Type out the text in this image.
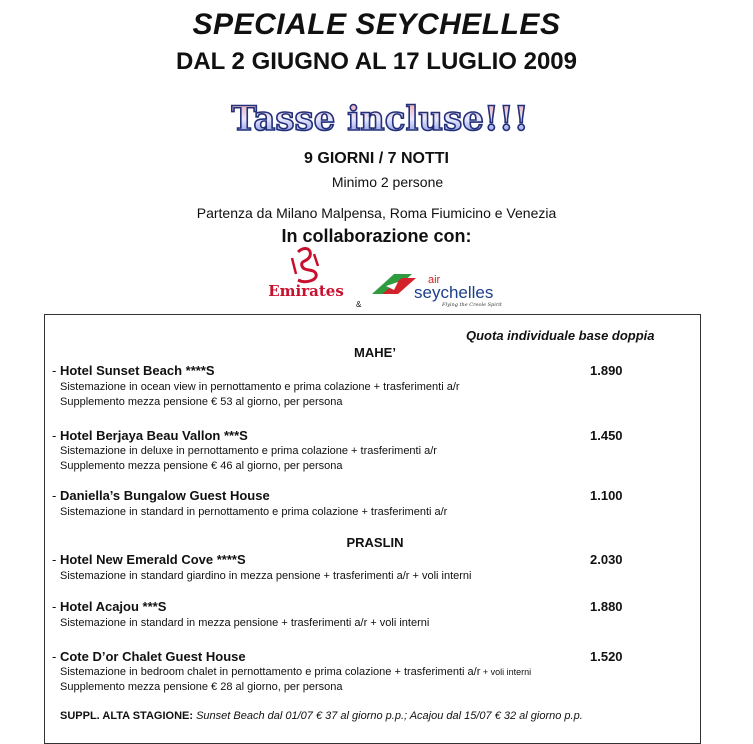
SPECIALE SEYCHELLES
DAL 2 GIUGNO AL 17 LUGLIO 2009
Tasse incluse!!!
9 GIORNI / 7 NOTTI
Minimo 2 persone
Partenza da Milano Malpensa, Roma Fiumicino e Venezia
In collaborazione con:
Emirates
air
seychelles
Flying the Creole Spirit
&
Quota individuale base doppia
MAHE’
- Hotel Sunset Beach ****S	1.890
Sistemazione in ocean view in pernottamento e prima colazione + trasferimenti a/r
Supplemento mezza pensione € 53 al giorno, per persona
- Hotel Berjaya Beau Vallon ***S	1.450
Sistemazione in deluxe in pernottamento e prima colazione + trasferimenti a/r
Supplemento mezza pensione € 46 al giorno, per persona
- Daniella’s Bungalow Guest House	1.100
Sistemazione in standard in pernottamento e prima colazione + trasferimenti a/r
PRASLIN
- Hotel New Emerald Cove ****S	2.030
Sistemazione in standard giardino in mezza pensione + trasferimenti a/r + voli interni
- Hotel Acajou ***S	1.880
Sistemazione in standard in mezza pensione + trasferimenti a/r + voli interni
- Cote D’or Chalet Guest House	1.520
Sistemazione in bedroom chalet in pernottamento e prima colazione + trasferimenti a/r + voli interni
Supplemento mezza pensione € 28 al giorno, per persona
SUPPL. ALTA STAGIONE: Sunset Beach dal 01/07 € 37 al giorno p.p.; Acajou dal 15/07 € 32 al giorno p.p.
